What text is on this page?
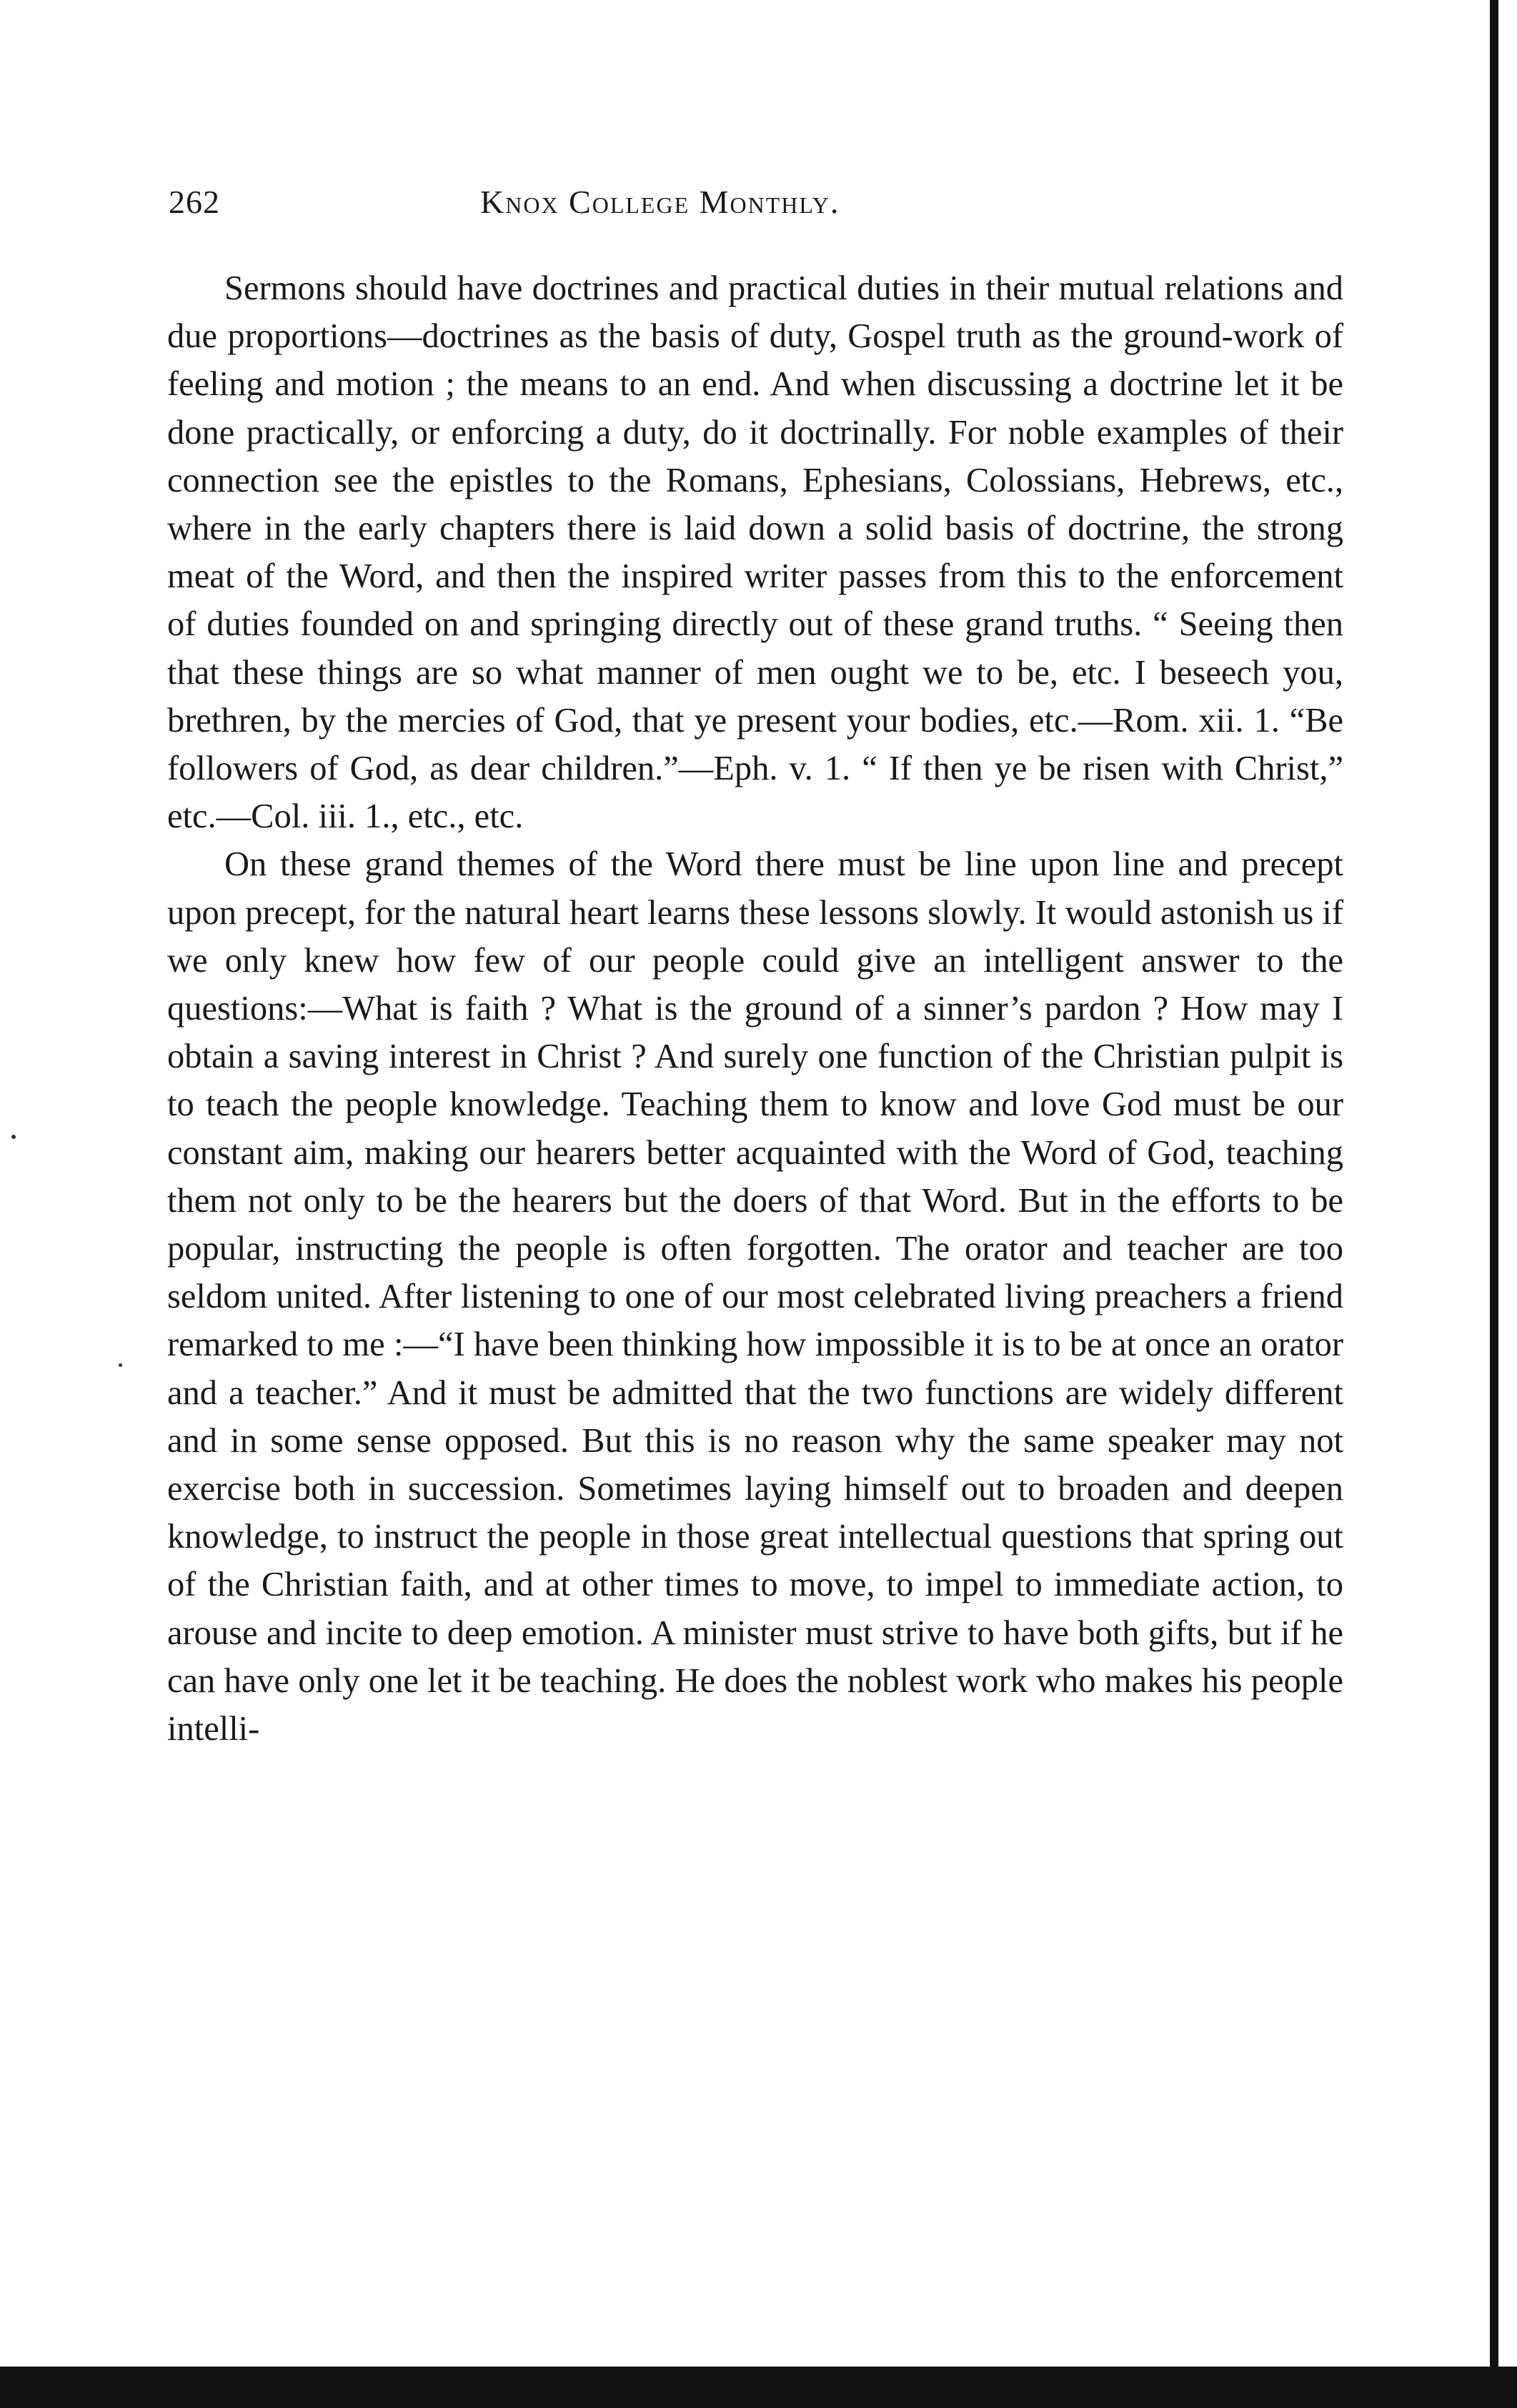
262	Knox College Monthly.

Sermons should have doctrines and practical duties in their mutual relations and due proportions—doctrines as the basis of duty, Gospel truth as the ground-work of feeling and motion ; the means to an end. And when discussing a doctrine let it be done practically, or enforcing a duty, do it doctrinally. For noble examples of their connection see the epistles to the Romans, Ephesians, Colossians, Hebrews, etc., where in the early chapters there is laid down a solid basis of doctrine, the strong meat of the Word, and then the inspired writer passes from this to the enforcement of duties founded on and springing directly out of these grand truths. “ Seeing then that these things are so what manner of men ought we to be, etc. I beseech you, brethren, by the mercies of God, that ye present your bodies, etc.—Rom. xii. 1. “Be followers of God, as dear children.”—Eph. v. 1. “ If then ye be risen with Christ,” etc.—Col. iii. 1., etc., etc.

On these grand themes of the Word there must be line upon line and precept upon precept, for the natural heart learns these lessons slowly. It would astonish us if we only knew how few of our people could give an intelligent answer to the questions:—What is faith ? What is the ground of a sinner’s pardon ? How may I obtain a saving interest in Christ ? And surely one function of the Christian pulpit is to teach the people knowledge. Teaching them to know and love God must be our constant aim, making our hearers better acquainted with the Word of God, teaching them not only to be the hearers but the doers of that Word. But in the efforts to be popular, instructing the people is often forgotten. The orator and teacher are too seldom united. After listening to one of our most celebrated living preachers a friend remarked to me :—“I have been thinking how impossible it is to be at once an orator and a teacher.” And it must be admitted that the two functions are widely different and in some sense opposed. But this is no reason why the same speaker may not exercise both in succession. Sometimes laying himself out to broaden and deepen knowledge, to instruct the people in those great intellectual questions that spring out of the Christian faith, and at other times to move, to impel to immediate action, to arouse and incite to deep emotion. A minister must strive to have both gifts, but if he can have only one let it be teaching. He does the noblest work who makes his people intelli-
